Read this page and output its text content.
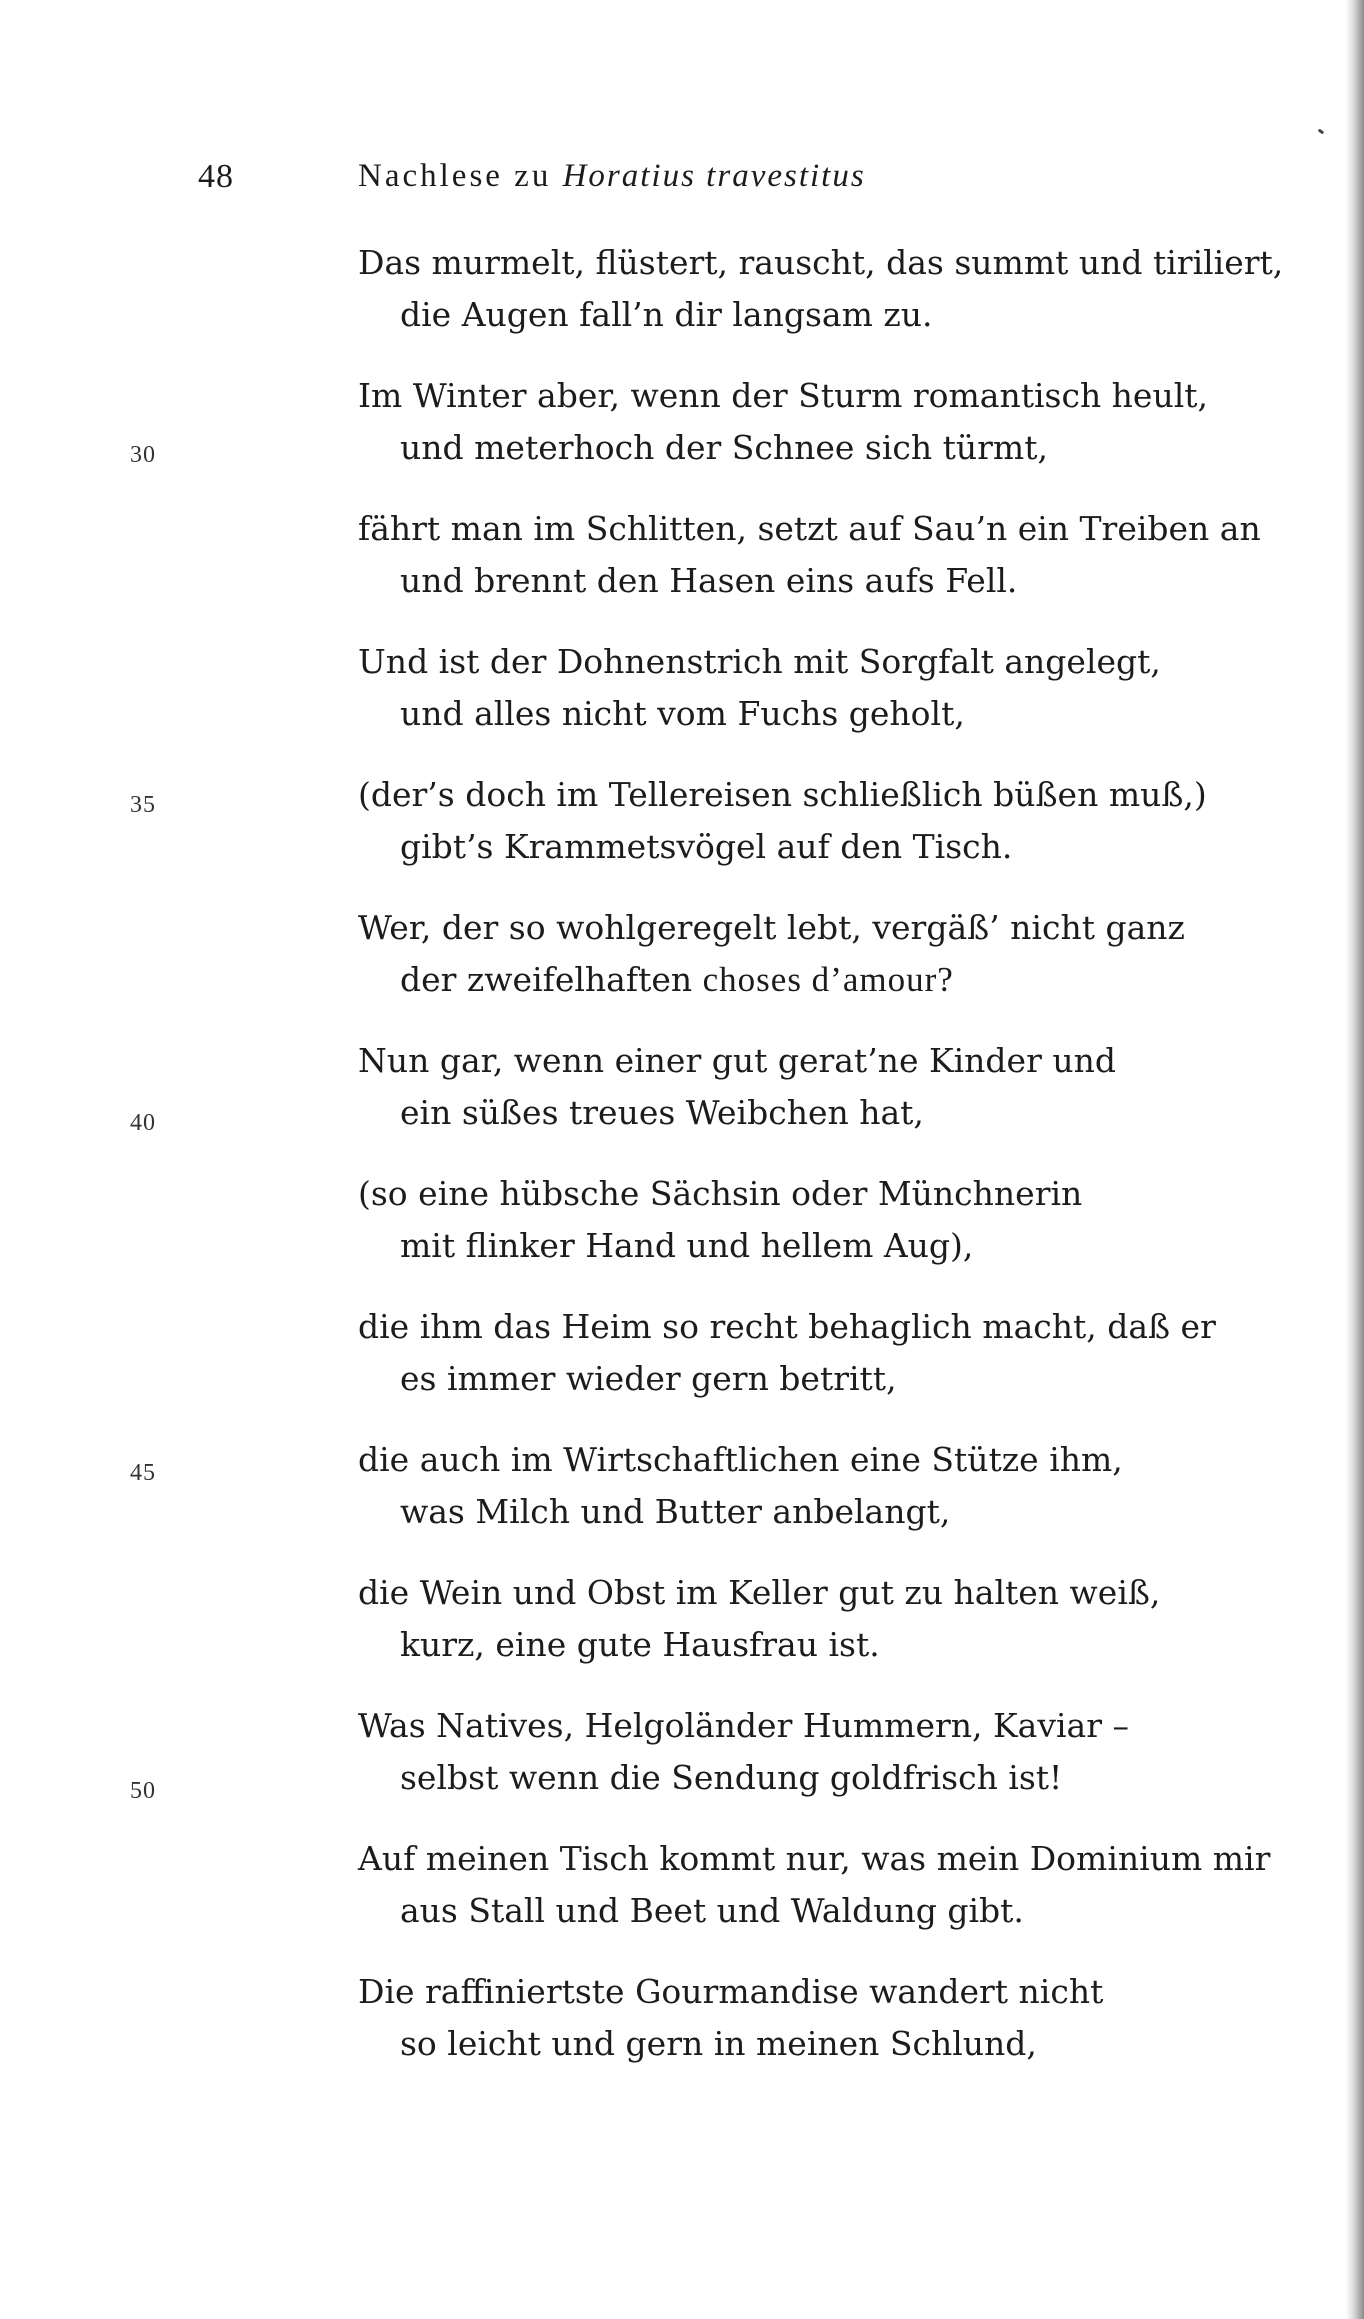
48	Nachlese zu Horatius travestitus
Das murmelt, flüstert, rauscht, das summt und tiriliert,
die Augen fall’n dir langsam zu.
Im Winter aber, wenn der Sturm romantisch heult,
und meterhoch der Schnee sich türmt,
fährt man im Schlitten, setzt auf Sau’n ein Treiben an
und brennt den Hasen eins aufs Fell.
Und ist der Dohnenstrich mit Sorgfalt angelegt,
und alles nicht vom Fuchs geholt,
(der’s doch im Tellereisen schließlich büßen muß,)
gibt’s Krammetsvögel auf den Tisch.
Wer, der so wohlgeregelt lebt, vergäß’ nicht ganz
der zweifelhaften choses d’amour?
Nun gar, wenn einer gut gerat’ne Kinder und
ein süßes treues Weibchen hat,
(so eine hübsche Sächsin oder Münchnerin
mit flinker Hand und hellem Aug),
die ihm das Heim so recht behaglich macht, daß er
es immer wieder gern betritt,
die auch im Wirtschaftlichen eine Stütze ihm,
was Milch und Butter anbelangt,
die Wein und Obst im Keller gut zu halten weiß,
kurz, eine gute Hausfrau ist.
Was Natives, Helgoländer Hummern, Kaviar –
selbst wenn die Sendung goldfrisch ist!
Auf meinen Tisch kommt nur, was mein Dominium mir
aus Stall und Beet und Waldung gibt.
Die raffiniertste Gourmandise wandert nicht
so leicht und gern in meinen Schlund,
30
35
40
45
50
